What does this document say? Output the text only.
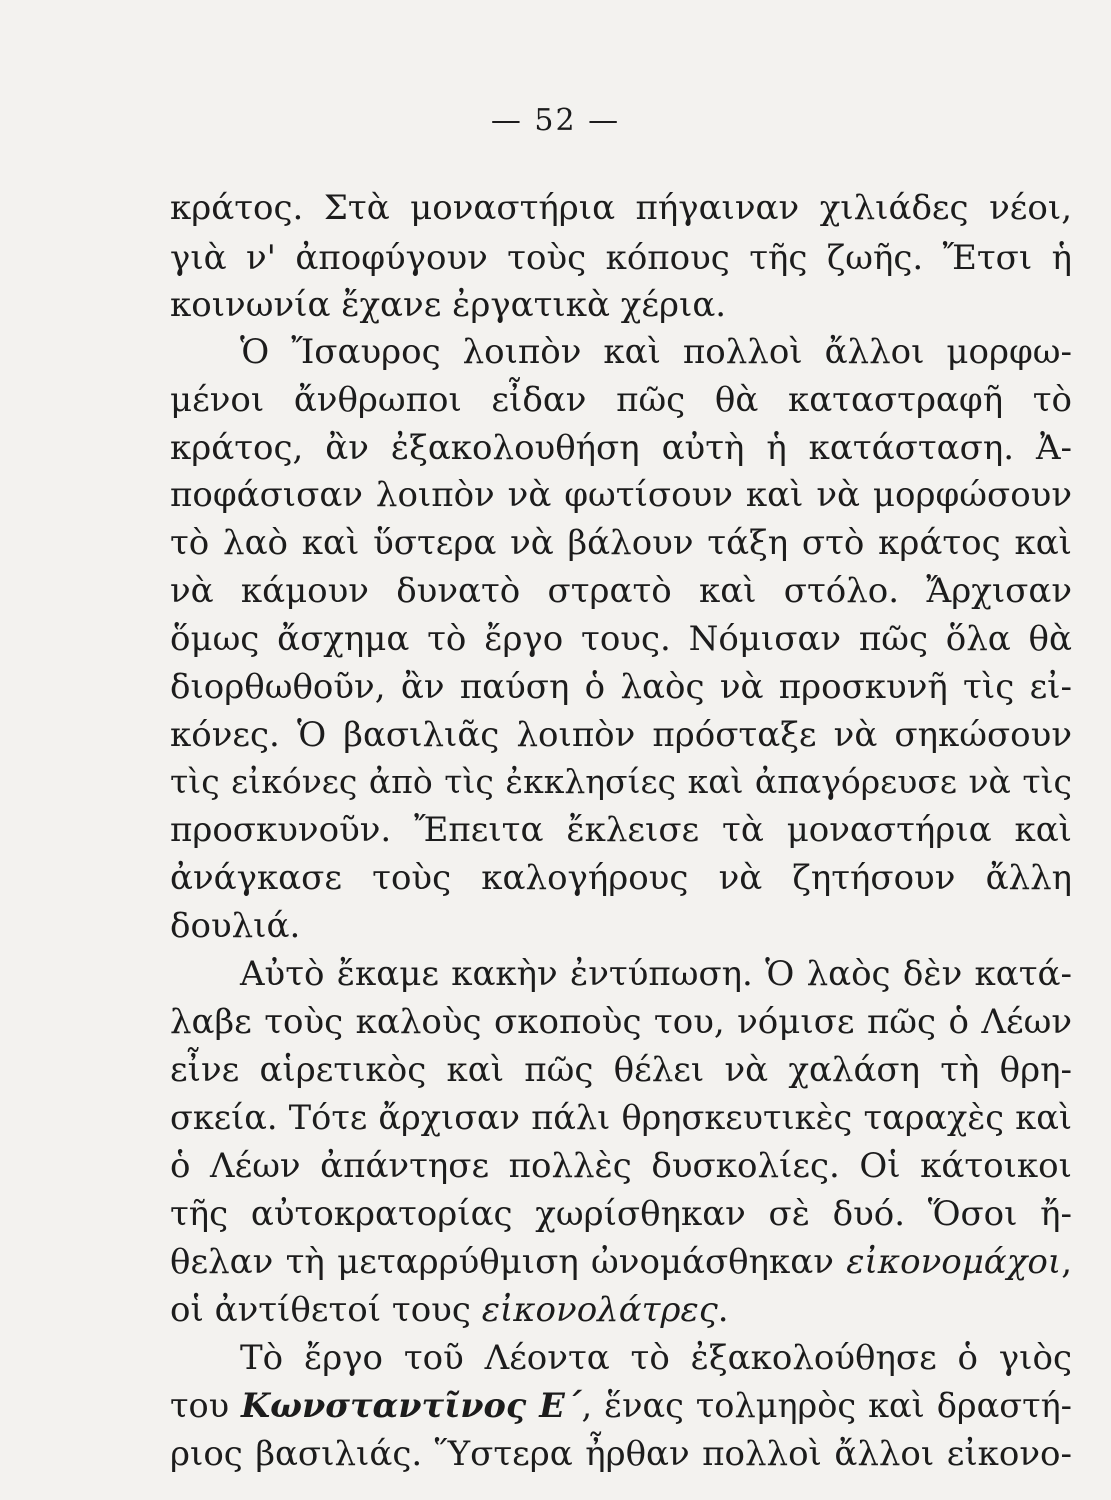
— 52 —
κράτος. Στὰ μοναστήρια πήγαιναν χιλιάδες νέοι,
γιὰ ν' ἀποφύγουν τοὺς κόπους τῆς ζωῆς. Ἔτσι ἡ
κοινωνία ἔχανε ἐργατικὰ χέρια.
Ὁ Ἴσαυρος λοιπὸν καὶ πολλοὶ ἄλλοι μορφω-
μένοι ἄνθρωποι εἶδαν πῶς θὰ καταστραφῆ τὸ
κράτος, ἂν ἐξακολουθήση αὐτὴ ἡ κατάσταση. Ἀ-
ποφάσισαν λοιπὸν νὰ φωτίσουν καὶ νὰ μορφώσουν
τὸ λαὸ καὶ ὕστερα νὰ βάλουν τάξη στὸ κράτος καὶ
νὰ κάμουν δυνατὸ στρατὸ καὶ στόλο. Ἄρχισαν
ὅμως ἄσχημα τὸ ἔργο τους. Νόμισαν πῶς ὅλα θὰ
διορθωθοῦν, ἂν παύση ὁ λαὸς νὰ προσκυνῆ τὶς εἰ-
κόνες. Ὁ βασιλιᾶς λοιπὸν πρόσταξε νὰ σηκώσουν
τὶς εἰκόνες ἀπὸ τὶς ἐκκλησίες καὶ ἀπαγόρευσε νὰ τὶς
προσκυνοῦν. Ἔπειτα ἔκλεισε τὰ μοναστήρια καὶ
ἀνάγκασε τοὺς καλογήρους νὰ ζητήσουν ἄλλη
δουλιά.
Αὐτὸ ἔκαμε κακὴν ἐντύπωση. Ὁ λαὸς δὲν κατά-
λαβε τοὺς καλοὺς σκοποὺς του, νόμισε πῶς ὁ Λέων
εἶνε αἱρετικὸς καὶ πῶς θέλει νὰ χαλάση τὴ θρη-
σκεία. Τότε ἄρχισαν πάλι θρησκευτικὲς ταραχὲς καὶ
ὁ Λέων ἀπάντησε πολλὲς δυσκολίες. Οἱ κάτοικοι
τῆς αὐτοκρατορίας χωρίσθηκαν σὲ δυό. Ὅσοι ἤ-
θελαν τὴ μεταρρύθμιση ὠνομάσθηκαν εἰκονομάχοι,
οἱ ἀντίθετοί τους εἰκονολάτρες.
Τὸ ἔργο τοῦ Λέοντα τὸ ἐξακολούθησε ὁ γιὸς
του Κωνσταντῖνος Ε΄, ἕνας τολμηρὸς καὶ δραστή-
ριος βασιλιάς. Ὕστερα ἦρθαν πολλοὶ ἄλλοι εἰκονο-
